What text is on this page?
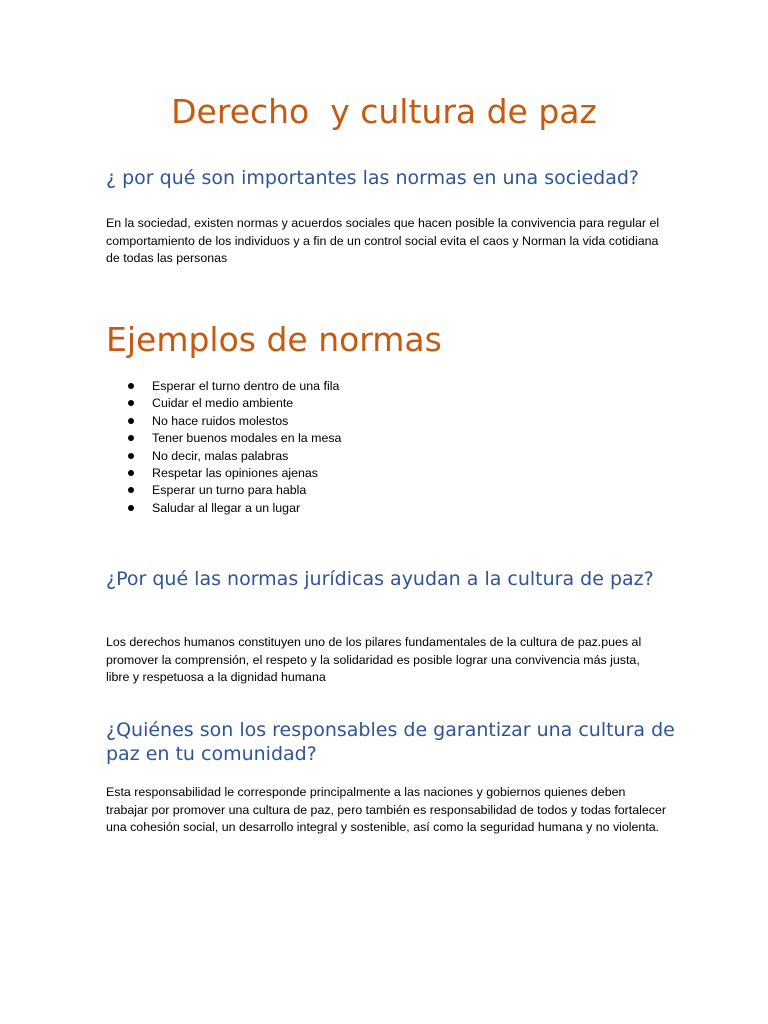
Derecho  y cultura de paz
¿ por qué son importantes las normas en una sociedad?

En la sociedad, existen normas y acuerdos sociales que hacen posible la convivencia para regular el comportamiento de los individuos y a fin de un control social evita el caos y Norman la vida cotidiana de todas las personas

Ejemplos de normas
Esperar el turno dentro de una fila
Cuidar el medio ambiente
No hace ruidos molestos
Tener buenos modales en la mesa
No decir, malas palabras
Respetar las opiniones ajenas
Esperar un turno para habla
Saludar al llegar a un lugar
¿Por qué las normas jurídicas ayudan a la cultura de paz?

Los derechos humanos constituyen uno de los pilares fundamentales de la cultura de paz.pues al promover la comprensión, el respeto y la solidaridad es posible lograr una convivencia más justa, libre y respetuosa a la dignidad humana

¿Quiénes son los responsables de garantizar una cultura de paz en tu comunidad?

Esta responsabilidad le corresponde principalmente a las naciones y gobiernos quienes deben trabajar por promover una cultura de paz, pero también es responsabilidad de todos y todas fortalecer una cohesión social, un desarrollo integral y sostenible, así como la seguridad humana y no violenta.
